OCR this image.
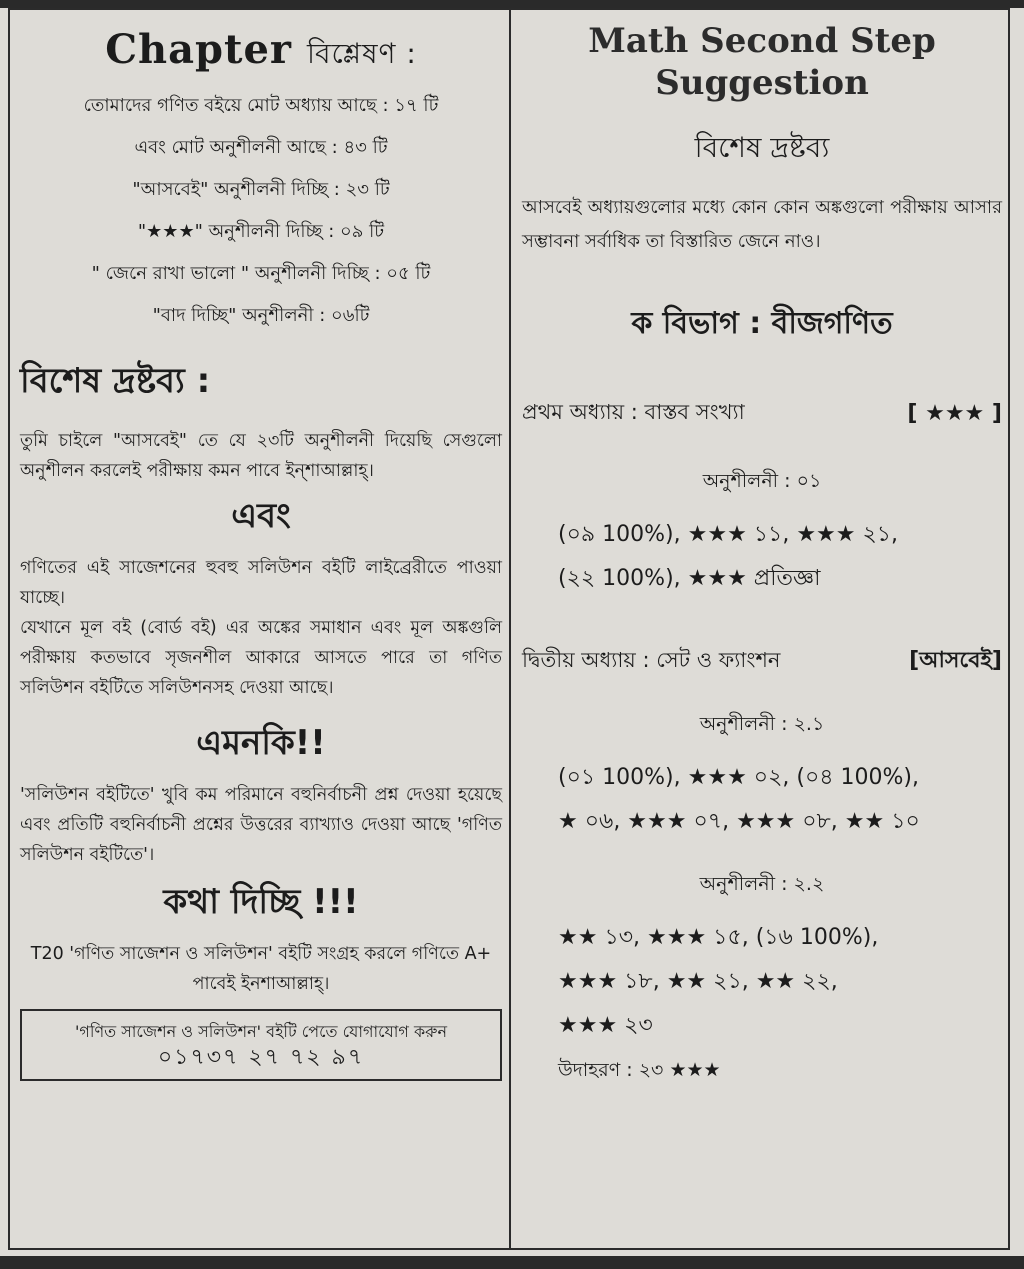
Chapter বিশ্লেষণ :
তোমাদের গণিত বইয়ে মোট অধ্যায় আছে : ১৭ টি
এবং মোট অনুশীলনী আছে : ৪৩ টি
"আসবেই" অনুশীলনী দিচ্ছি : ২৩ টি
"★★★" অনুশীলনী দিচ্ছি : ০৯ টি
" জেনে রাখা ভালো " অনুশীলনী দিচ্ছি : ০৫ টি
"বাদ দিচ্ছি" অনুশীলনী : ০৬টি
বিশেষ দ্রষ্টব্য :

তুমি চাইলে "আসবেই" তে যে ২৩টি অনুশীলনী দিয়েছি সেগুলো অনুশীলন করলেই পরীক্ষায় কমন পাবে ইন্‌শাআল্লাহ্‌।

এবং

গণিতের এই সাজেশনের হুবহু সলিউশন বইটি লাইব্রেরীতে পাওয়া যাচ্ছে।

যেখানে মূল বই (বোর্ড বই) এর অঙ্কের সমাধান এবং মূল অঙ্কগুলি পরীক্ষায় কতভাবে সৃজনশীল আকারে আসতে পারে তা গণিত সলিউশন বইটিতে সলিউশনসহ দেওয়া আছে।

এমনকি!!

'সলিউশন বইটিতে' খুবি কম পরিমানে বহুনির্বাচনী প্রশ্ন দেওয়া হয়েছে এবং প্রতিটি বহুনির্বাচনী প্রশ্নের উত্তরের ব্যাখ্যাও দেওয়া আছে 'গণিত সলিউশন বইটিতে'।

কথা দিচ্ছি !!!

T20 'গণিত সাজেশন ও সলিউশন' বইটি সংগ্রহ করলে গণিতে A+ পাবেই ইনশাআল্লাহ্‌।

'গণিত সাজেশন ও সলিউশন' বইটি পেতে যোগাযোগ করুন
০১৭৩৭ ২৭ ৭২ ৯৭
Math Second Step
Suggestion
বিশেষ দ্রষ্টব্য

আসবেই অধ্যায়গুলোর মধ্যে কোন কোন অঙ্কগুলো পরীক্ষায় আসার সম্ভাবনা সর্বাধিক তা বিস্তারিত জেনে নাও।

ক বিভাগ : বীজগণিত
প্রথম অধ্যায় : বাস্তব সংখ্যা	[ ★★★ ]
অনুশীলনী : ০১

(০৯ 100%), ★★★ ১১, ★★★ ২১,

(২২ 100%), ★★★ প্রতিজ্ঞা

দ্বিতীয় অধ্যায় : সেট ও ফ্যাংশন	[আসবেই]
অনুশীলনী : ২.১

(০১ 100%), ★★★ ০২, (০৪ 100%),

★ ০৬, ★★★ ০৭, ★★★ ০৮, ★★ ১০

অনুশীলনী : ২.২

★★ ১৩, ★★★ ১৫, (১৬ 100%),

★★★ ১৮, ★★ ২১, ★★ ২২,

★★★ ২৩

উদাহরণ : ২৩ ★★★
